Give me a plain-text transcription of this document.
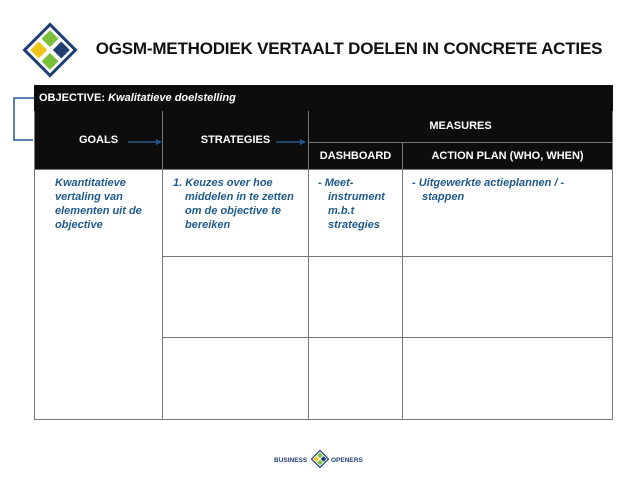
OGSM-METHODIEK VERTAALT DOELEN IN CONCRETE ACTIES
OBJECTIVE: Kwalitatieve doelstelling			
GOALS	STRATEGIES	MEASURES	
		DASHBOARD	ACTION PLAN (WHO, WHEN)
Kwantitatieve vertaling van elementen uit de objective	1. Keuzes over hoe middelen in te zetten om de objective te bereiken	- Meet-instrument m.b.t strategies	- Uitgewerkte actieplannen / - stappen

BUSINESS	OPENERS
